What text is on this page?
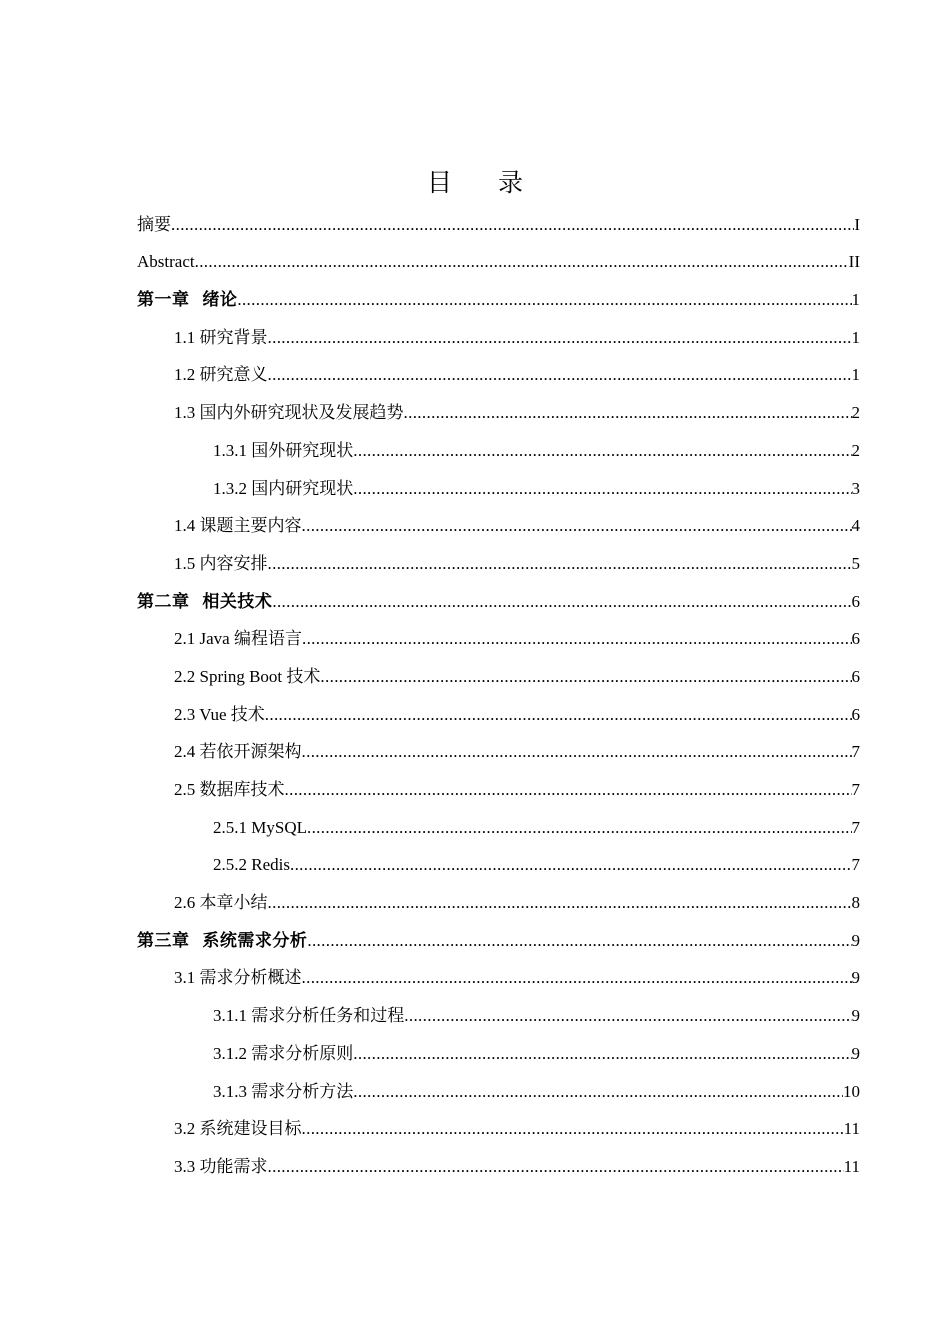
目录
摘要 .....	I
Abstract .....	II
第一章  绪论 .....	1
1.1 研究背景 .....	1
1.2 研究意义 .....	1
1.3 国内外研究现状及发展趋势 .....	2
1.3.1 国外研究现状 .....	2
1.3.2 国内研究现状 .....	3
1.4 课题主要内容 .....	4
1.5 内容安排 .....	5
第二章  相关技术 .....	6
2.1 Java 编程语言 .....	6
2.2 Spring Boot 技术 .....	6
2.3 Vue 技术 .....	6
2.4 若依开源架构 .....	7
2.5 数据库技术 .....	7
2.5.1 MySQL .....	7
2.5.2 Redis .....	7
2.6 本章小结 .....	8
第三章  系统需求分析 .....	9
3.1 需求分析概述 .....	9
3.1.1 需求分析任务和过程 .....	9
3.1.2 需求分析原则 .....	9
3.1.3 需求分析方法 .....	10
3.2 系统建设目标 .....	11
3.3 功能需求 .....	11
